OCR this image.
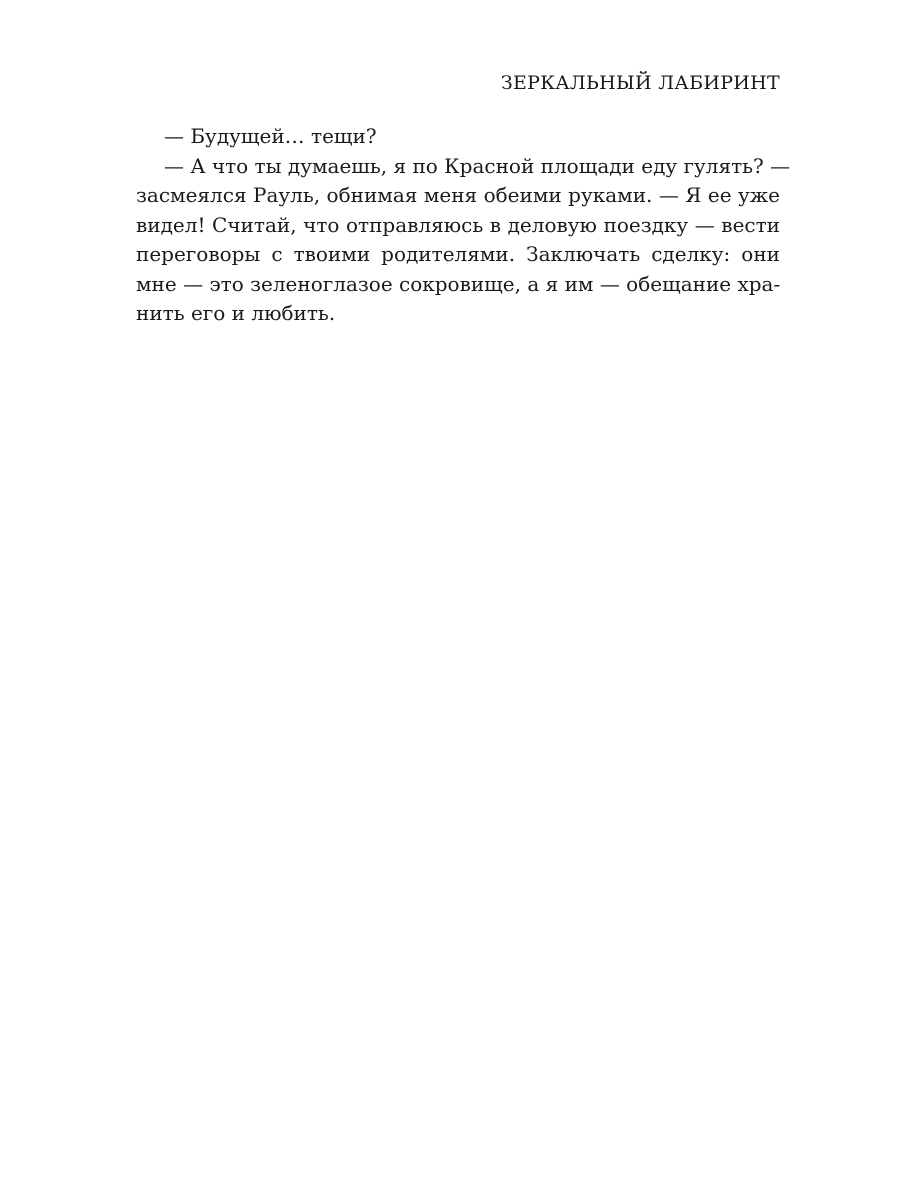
ЗЕРКАЛЬНЫЙ ЛАБИРИНТ
— Будущей… тещи?
— А что ты думаешь, я по Красной площади еду гулять? —
засмеялся Рауль, обнимая меня обеими руками. — Я ее уже
видел! Считай, что отправляюсь в деловую поездку — вести
переговоры с твоими родителями. Заключать сделку: они
мне — это зеленоглазое сокровище, а я им — обещание хра-
нить его и любить.
